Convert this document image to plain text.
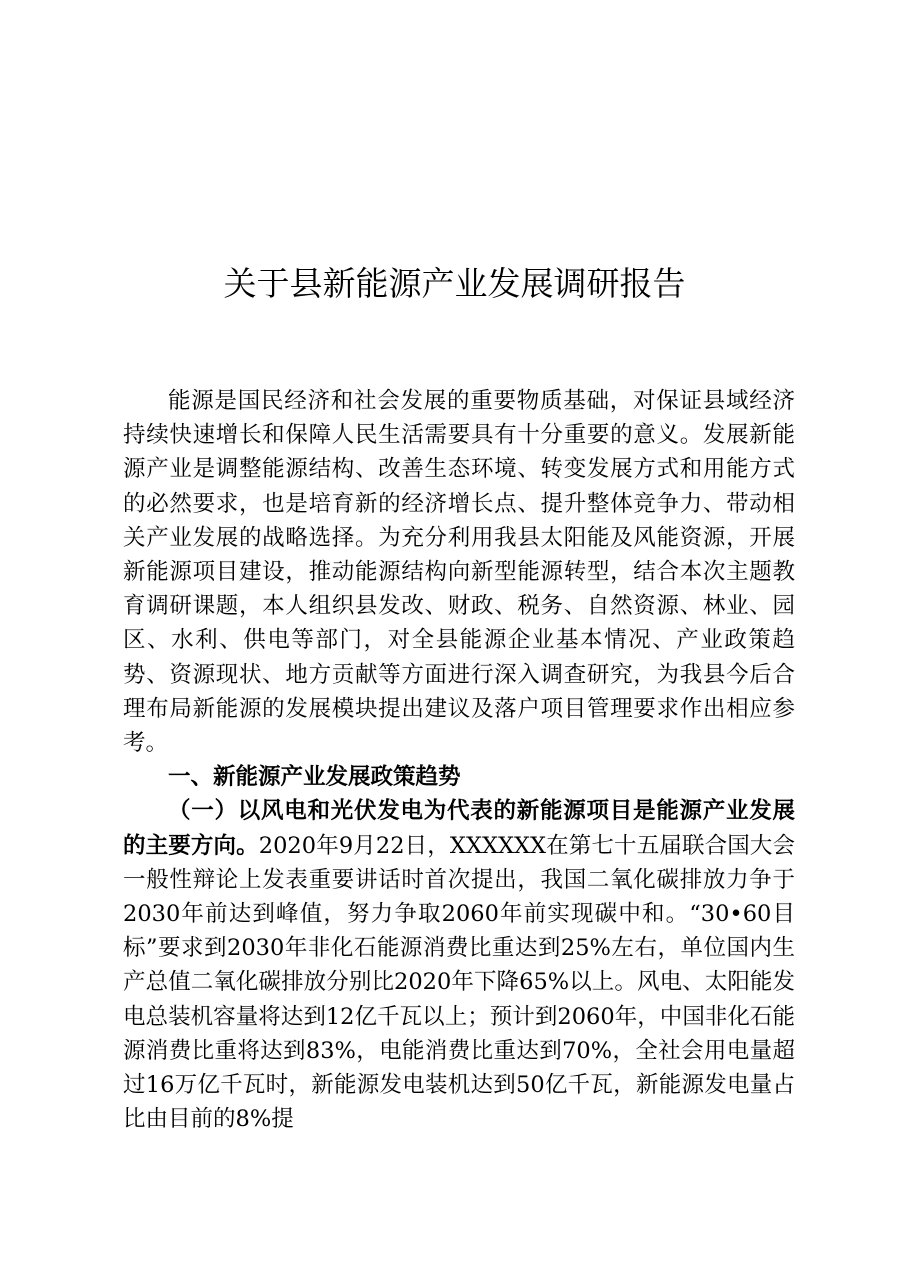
关于县新能源产业发展调研报告

能源是国民经济和社会发展的重要物质基础，对保证县域经济持续快速增长和保障人民生活需要具有十分重要的意义。发展新能源产业是调整能源结构、改善生态环境、转变发展方式和用能方式的必然要求，也是培育新的经济增长点、提升整体竞争力、带动相关产业发展的战略选择。为充分利用我县太阳能及风能资源，开展新能源项目建设，推动能源结构向新型能源转型，结合本次主题教育调研课题，本人组织县发改、财政、税务、自然资源、林业、园区、水利、供电等部门，对全县能源企业基本情况、产业政策趋势、资源现状、地方贡献等方面进行深入调查研究，为我县今后合理布局新能源的发展模块提出建议及落户项目管理要求作出相应参考。

一、新能源产业发展政策趋势

（一）以风电和光伏发电为代表的新能源项目是能源产业发展的主要方向。2020年9月22日，XXXXXX在第七十五届联合国大会一般性辩论上发表重要讲话时首次提出，我国二氧化碳排放力争于2030年前达到峰值，努力争取2060年前实现碳中和。“30•60目标”要求到2030年非化石能源消费比重达到25%左右，单位国内生产总值二氧化碳排放分别比2020年下降65%以上。风电、太阳能发电总装机容量将达到12亿千瓦以上；预计到2060年，中国非化石能源消费比重将达到83%，电能消费比重达到70%，全社会用电量超过16万亿千瓦时，新能源发电装机达到50亿千瓦，新能源发电量占比由目前的8%提
